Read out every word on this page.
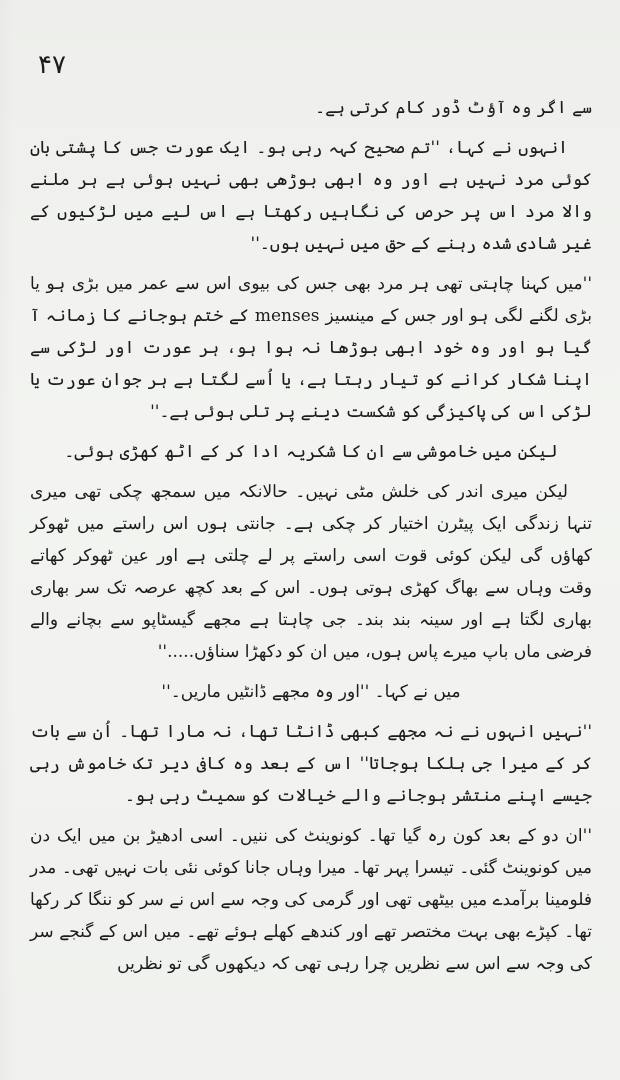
۴۷

سے اگر وہ آؤٹ ڈور کام کرتی ہے۔

انہوں نے کہا، ''تم صحیح کہہ رہی ہو۔ ایک عورت جس کا پشتی بان کوئی مرد نہیں ہے اور وہ ابھی بوڑھی بھی نہیں ہوئی ہے ہر ملنے والا مرد اس پر حرص کی نگاہیں رکھتا ہے اس لیے میں لڑکیوں کے غیر شادی شدہ رہنے کے حق میں نہیں ہوں۔''

''میں کہنا چاہتی تھی ہر مرد بھی جس کی بیوی اس سے عمر میں بڑی ہو یا بڑی لگنے لگی ہو اور جس کے مینسیز menses کے ختم ہوجانے کا زمانہ آ گیا ہو اور وہ خود ابھی بوڑھا نہ ہوا ہو، ہر عورت اور لڑکی سے اپنا شکار کرانے کو تیار رہتا ہے، یا اُسے لگتا ہے ہر جوان عورت یا لڑکی اس کی پاکیزگی کو شکست دینے پر تلی ہوئی ہے۔''

لیکن میں خاموشی سے ان کا شکریہ ادا کر کے اٹھ کھڑی ہوئی۔

لیکن میری اندر کی خلش مٹی نہیں۔ حالانکہ میں سمجھ چکی تھی میری تنہا زندگی ایک پیٹرن اختیار کر چکی ہے۔ جانتی ہوں اس راستے میں ٹھوکر کھاؤں گی لیکن کوئی قوت اسی راستے پر لے چلتی ہے اور عین ٹھوکر کھاتے وقت وہاں سے بھاگ کھڑی ہوتی ہوں۔ اس کے بعد کچھ عرصہ تک سر بھاری بھاری لگتا ہے اور سینہ بند بند۔ جی چاہتا ہے مجھے گیسٹاپو سے بچانے والے فرضی ماں باپ میرے پاس ہوں، میں ان کو دکھڑا سناؤں.....''

میں نے کہا۔ ''اور وہ مجھے ڈانٹیں ماریں۔''

''نہیں انہوں نے نہ مجھے کبھی ڈانٹا تھا، نہ مارا تھا۔ اُن سے بات کر کے میرا جی ہلکا ہوجاتا'' اس کے بعد وہ کافی دیر تک خاموش رہی جیسے اپنے منتشر ہوجانے والے خیالات کو سمیٹ رہی ہو۔

''ان دو کے بعد کون رہ گیا تھا۔ کونوینٹ کی ننیں۔ اسی ادھیڑ بن میں ایک دن میں کونوینٹ گئی۔ تیسرا پہر تھا۔ میرا وہاں جانا کوئی نئی بات نہیں تھی۔ مدر فلومینا برآمدے میں بیٹھی تھی اور گرمی کی وجہ سے اس نے سر کو ننگا کر رکھا تھا۔ کپڑے بھی بہت مختصر تھے اور کندھے کھلے ہوئے تھے۔ میں اس کے گنجے سر کی وجہ سے اس سے نظریں چرا رہی تھی کہ دیکھوں گی تو نظریں
